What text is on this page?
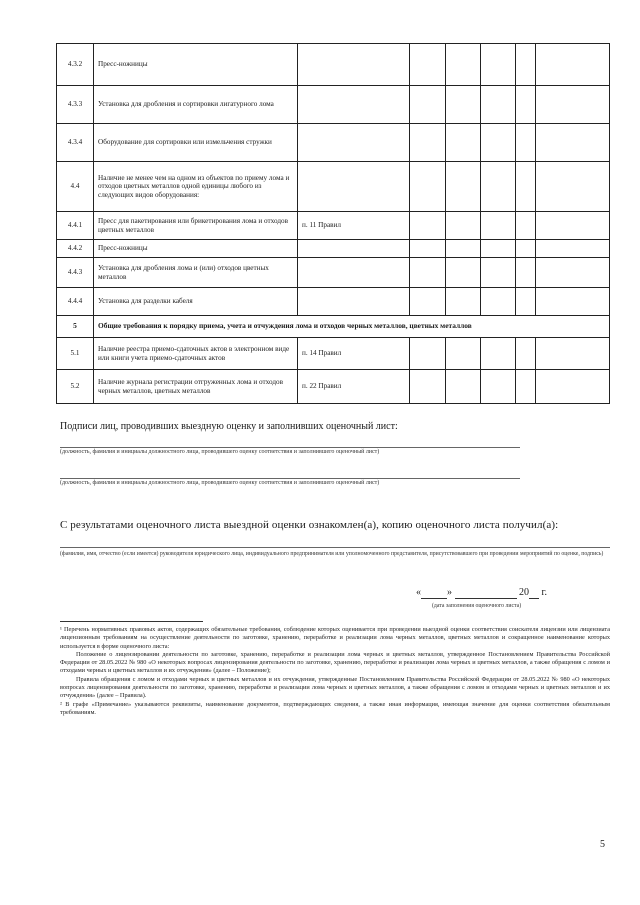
4.3.2	Пресс-ножницы						
4.3.3	Установка для дробления и сортировки лигатурного лома						
4.3.4	Оборудование для сортировки или измельчения стружки						
4.4	Наличие не менее чем на одном из объектов по приему лома и отходов цветных металлов одной единицы любого из следующих видов оборудования:						
4.4.1	Пресс для пакетирования или брикетирования лома и отходов цветных металлов	п. 11 Правил					
4.4.2	Пресс-ножницы						
4.4.3	Установка для дробления лома и (или) отходов цветных металлов						
4.4.4	Установка для разделки кабеля						
5	Общие требования к порядку приема, учета и отчуждения лома и отходов черных металлов, цветных металлов						
5.1	Наличие реестра приемо-сдаточных актов в электронном виде или книги учета приемо-сдаточных актов	п. 14 Правил					
5.2	Наличие журнала регистрации отгруженных лома и отходов черных металлов, цветных металлов	п. 22 Правил					
Подписи лиц, проводивших выездную оценку и заполнивших оценочный лист:
(должность, фамилия и инициалы должностного лица, проводившего оценку соответствия и заполнившего оценочный лист)
(должность, фамилия и инициалы должностного лица, проводившего оценку соответствия и заполнившего оценочный лист)
С результатами оценочного листа выездной оценки ознакомлен(а), копию оценочного листа получил(а):
(фамилия, имя, отчество (если имеется) руководителя юридического лица, индивидуального предпринимателя или уполномоченного представителя, присутствовавшего при проведении мероприятий по оценке, подпись)
«	»	20 г.
(дата заполнения оценочного листа)

¹ Перечень нормативных правовых актов, содержащих обязательные требования, соблюдение которых оценивается при проведении выездной оценки соответствия соискателя лицензии или лицензиата лицензионным требованиям на осуществление деятельности по заготовке, хранению, переработке и реализации лома черных металлов, цветных металлов и сокращенное наименование которых используется в форме оценочного листа:

Положение о лицензировании деятельности по заготовке, хранению, переработке и реализации лома черных и цветных металлов, утвержденное Постановлением Правительства Российской Федерации от 28.05.2022 № 980 «О некоторых вопросах лицензирования деятельности по заготовке, хранению, переработке и реализации лома черных и цветных металлов, а также обращения с ломом и отходами черных и цветных металлов и их отчуждения» (далее – Положение);

Правила обращения с ломом и отходами черных и цветных металлов и их отчуждения, утвержденные Постановлением Правительства Российской Федерации от 28.05.2022 № 980 «О некоторых вопросах лицензирования деятельности по заготовке, хранению, переработке и реализации лома черных и цветных металлов, а также обращения с ломом и отходами черных и цветных металлов и их отчуждения» (далее – Правила).

² В графе «Примечание» указываются реквизиты, наименование документов, подтверждающих сведения, а также иная информация, имеющая значение для оценки соответствия обязательным требованиям.

5
